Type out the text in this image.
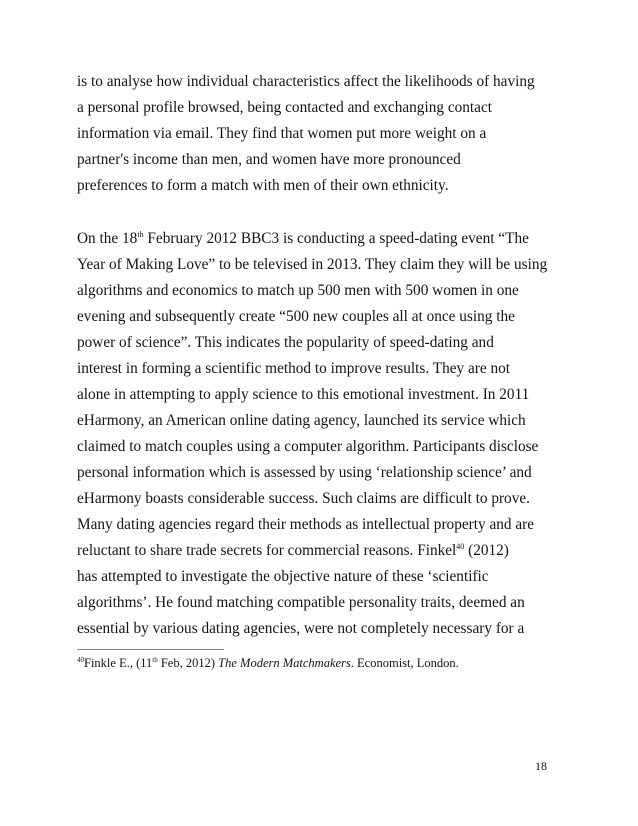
is to analyse how individual characteristics affect the likelihoods of having

a personal profile browsed, being contacted and exchanging contact

information via email. They find that women put more weight on a

partner's income than men, and women have more pronounced

preferences to form a match with men of their own ethnicity.

On the 18th February 2012 BBC3 is conducting a speed-dating event “The

Year of Making Love” to be televised in 2013. They claim they will be using

algorithms and economics to match up 500 men with 500 women in one

evening and subsequently create “500 new couples all at once using the

power of science”. This indicates the popularity of speed-dating and

interest in forming a scientific method to improve results. They are not

alone in attempting to apply science to this emotional investment. In 2011

eHarmony, an American online dating agency, launched its service which

claimed to match couples using a computer algorithm. Participants disclose

personal information which is assessed by using ‘relationship science’ and

eHarmony boasts considerable success. Such claims are difficult to prove.

Many dating agencies regard their methods as intellectual property and are

reluctant to share trade secrets for commercial reasons. Finkel$^{40}$ (2012)

has attempted to investigate the objective nature of these ‘scientific

algorithms’. He found matching compatible personality traits, deemed an

essential by various dating agencies, were not completely necessary for a

$^{40}$Finkle E., (11th Feb, 2012) The Modern Matchmakers. Economist, London.
18
